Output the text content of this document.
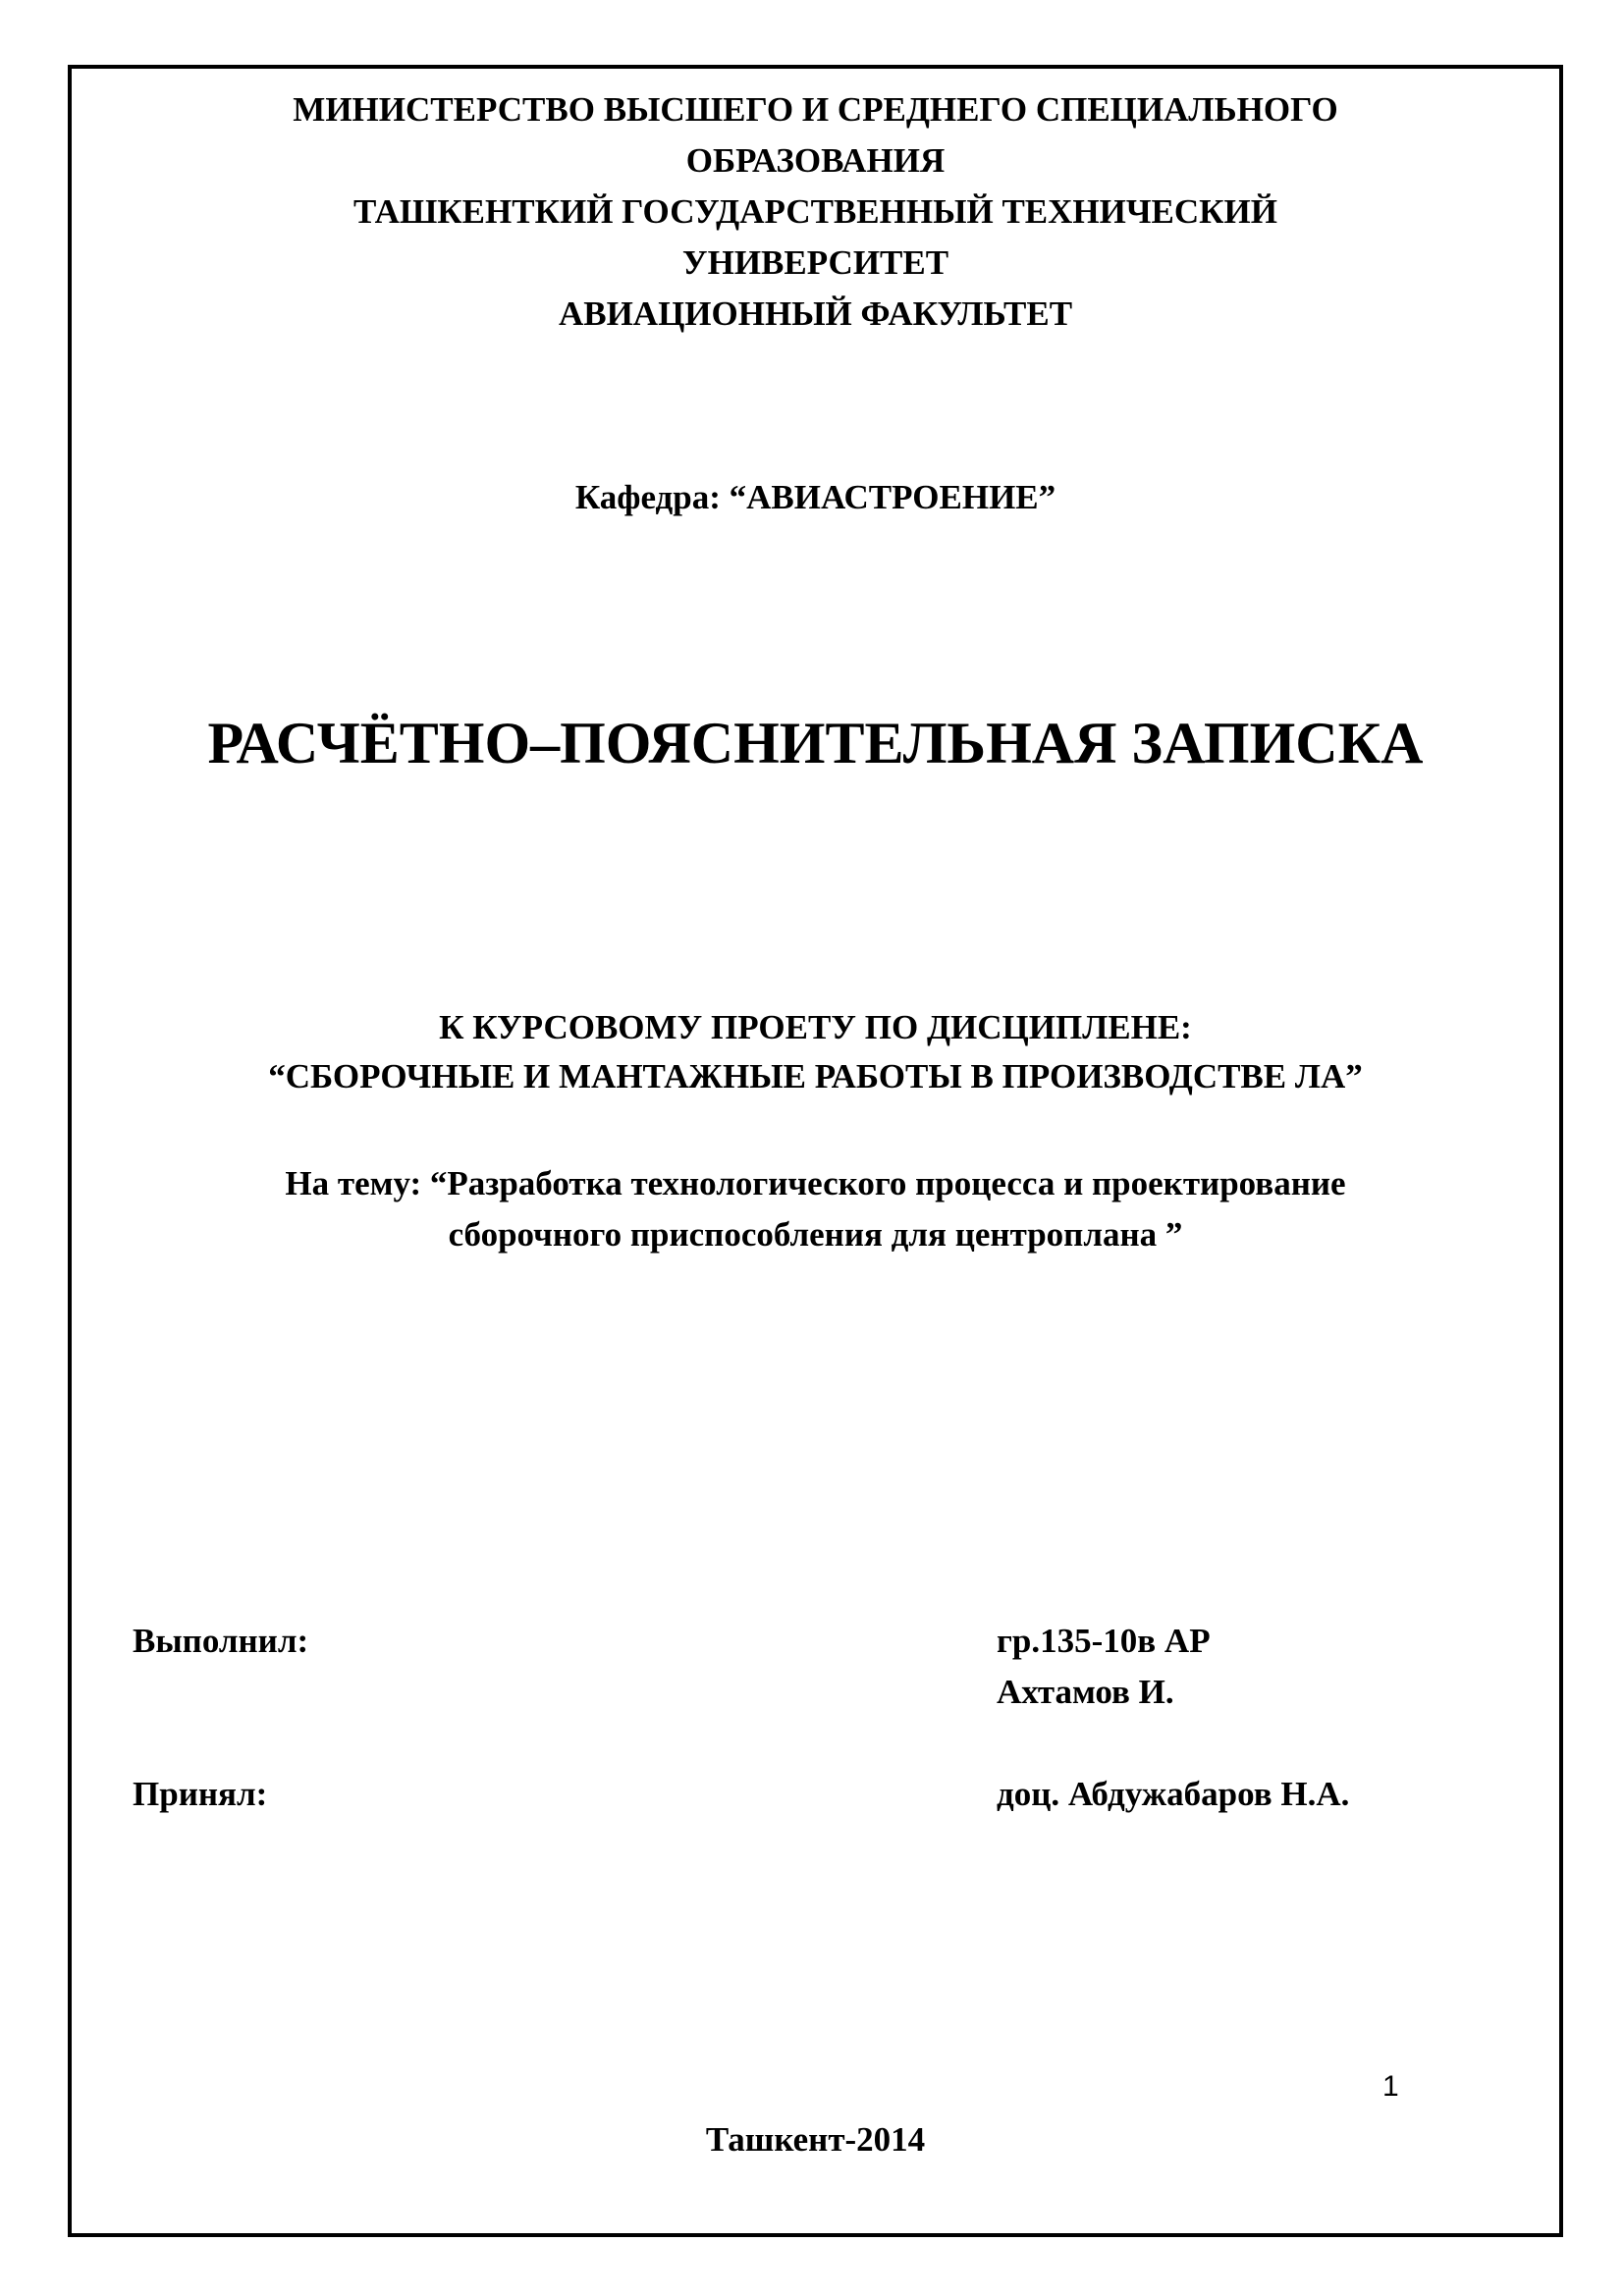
МИНИСТЕРСТВО ВЫСШЕГО И СРЕДНЕГО СПЕЦИАЛЬНОГО
ОБРАЗОВАНИЯ
ТАШКЕНТКИЙ ГОСУДАРСТВЕННЫЙ ТЕХНИЧЕСКИЙ
УНИВЕРСИТЕТ
АВИАЦИОННЫЙ ФАКУЛЬТЕТ
Кафедра: “АВИАСТРОЕНИЕ”
РАСЧЁТНО–ПОЯСНИТЕЛЬНАЯ ЗАПИСКА
К КУРСОВОМУ ПРОЕТУ ПО ДИСЦИПЛЕНЕ:
“СБОРОЧНЫЕ И МАНТАЖНЫЕ РАБОТЫ В ПРОИЗВОДСТВЕ ЛА”
На тему: “Разработка технологического процесса и проектирование
сборочного приспособления для центроплана ”
Выполнил:	гр.135-10в АР
Ахтамов И.
Принял:	доц. Абдужабаров Н.А.
1
Ташкент-2014
